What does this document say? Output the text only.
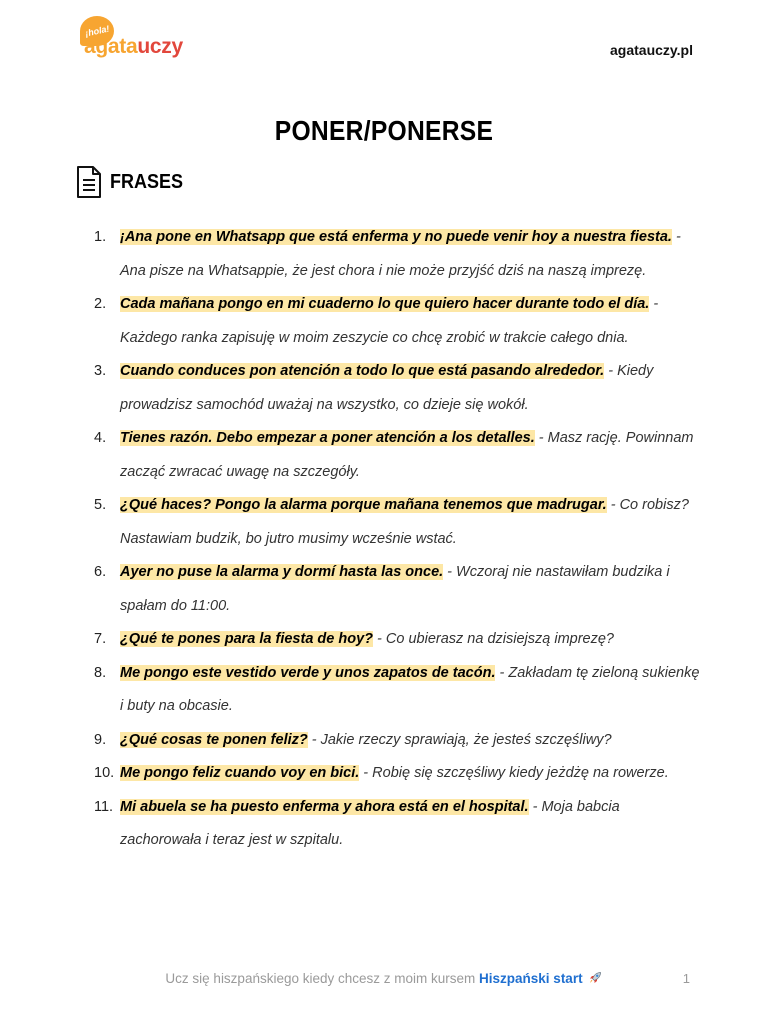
¡hola!
agatauczy	agatauczy.pl
PONER/PONERSE
FRASES
1. ¡Ana pone en Whatsapp que está enferma y no puede venir hoy a nuestra fiesta. - Ana pisze na Whatsappie, że jest chora i nie może przyjść dziś na naszą imprezę.
2. Cada mañana pongo en mi cuaderno lo que quiero hacer durante todo el día. - Każdego ranka zapisuję w moim zeszycie co chcę zrobić w trakcie całego dnia.
3. Cuando conduces pon atención a todo lo que está pasando alrededor. - Kiedy prowadzisz samochód uważaj na wszystko, co dzieje się wokół.
4. Tienes razón. Debo empezar a poner atención a los detalles. - Masz rację. Powinnam zacząć zwracać uwagę na szczegóły.
5. ¿Qué haces? Pongo la alarma porque mañana tenemos que madrugar. - Co robisz? Nastawiam budzik, bo jutro musimy wcześnie wstać.
6. Ayer no puse la alarma y dormí hasta las once. - Wczoraj nie nastawiłam budzika i spałam do 11:00.
7. ¿Qué te pones para la fiesta de hoy? - Co ubierasz na dzisiejszą imprezę?
8. Me pongo este vestido verde y unos zapatos de tacón. - Zakładam tę zieloną sukienkę i buty na obcasie.
9. ¿Qué cosas te ponen feliz? - Jakie rzeczy sprawiają, że jesteś szczęśliwy?
10. Me pongo feliz cuando voy en bici. - Robię się szczęśliwy kiedy jeżdżę na rowerze.
11. Mi abuela se ha puesto enferma y ahora está en el hospital. - Moja babcia zachorowała i teraz jest w szpitalu.
Ucz się hiszpańskiego kiedy chcesz z moim kursem Hiszpański start	1
